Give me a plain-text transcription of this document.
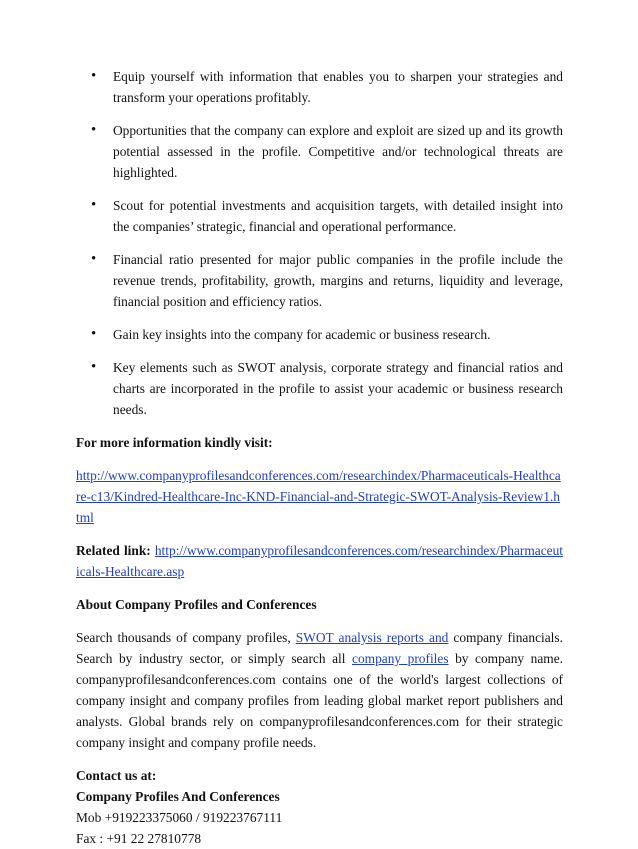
• Equip yourself with information that enables you to sharpen your strategies and transform your operations profitably.
• Opportunities that the company can explore and exploit are sized up and its growth potential assessed in the profile. Competitive and/or technological threats are highlighted.
• Scout for potential investments and acquisition targets, with detailed insight into the companies’ strategic, financial and operational performance.
• Financial ratio presented for major public companies in the profile include the revenue trends, profitability, growth, margins and returns, liquidity and leverage, financial position and efficiency ratios.
• Gain key insights into the company for academic or business research.
• Key elements such as SWOT analysis, corporate strategy and financial ratios and charts are incorporated in the profile to assist your academic or business research needs.

For more information kindly visit:

http://www.companyprofilesandconferences.com/researchindex/Pharmaceuticals-Healthcare-c13/Kindred-Healthcare-Inc-KND-Financial-and-Strategic-SWOT-Analysis-Review1.html

Related link: http://www.companyprofilesandconferences.com/researchindex/Pharmaceuticals-Healthcare.asp

About Company Profiles and Conferences

Search thousands of company profiles, SWOT analysis reports and company financials. Search by industry sector, or simply search all company profiles by company name. companyprofilesandconferences.com contains one of the world's largest collections of company insight and company profiles from leading global market report publishers and analysts. Global brands rely on companyprofilesandconferences.com for their strategic company insight and company profile needs.

Contact us at:

Company Profiles And Conferences

Mob +919223375060 / 919223767111

Fax : +91 22 27810778
